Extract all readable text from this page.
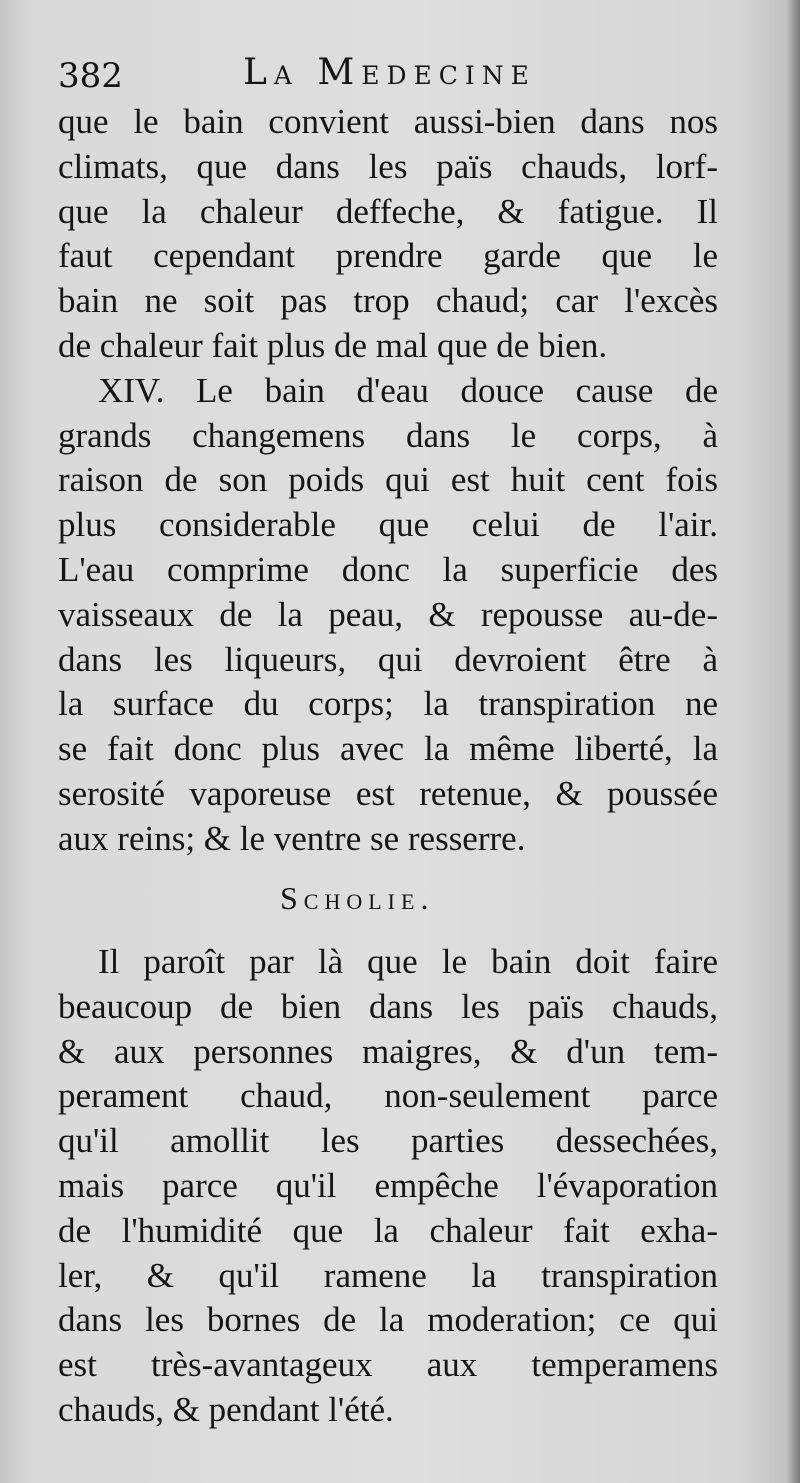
382	La Medecine
que le bain convient aussi-bien dans nos
climats, que dans les païs chauds, lorf-
que la chaleur deffeche, & fatigue. Il
faut cependant prendre garde que le
bain ne soit pas trop chaud; car l'excès
de chaleur fait plus de mal que de bien.
XIV. Le bain d'eau douce cause de
grands changemens dans le corps, à
raison de son poids qui est huit cent fois
plus considerable que celui de l'air.
L'eau comprime donc la superficie des
vaisseaux de la peau, & repousse au-de-
dans les liqueurs, qui devroient être à
la surface du corps; la transpiration ne
se fait donc plus avec la même liberté, la
serosité vaporeuse est retenue, & poussée
aux reins; & le ventre se resserre.
Scholie.
Il paroît par là que le bain doit faire
beaucoup de bien dans les païs chauds,
& aux personnes maigres, & d'un tem-
perament chaud, non-seulement parce
qu'il amollit les parties dessechées,
mais parce qu'il empêche l'évaporation
de l'humidité que la chaleur fait exha-
ler, & qu'il ramene la transpiration
dans les bornes de la moderation; ce qui
est très-avantageux aux temperamens
chauds, & pendant l'été.
